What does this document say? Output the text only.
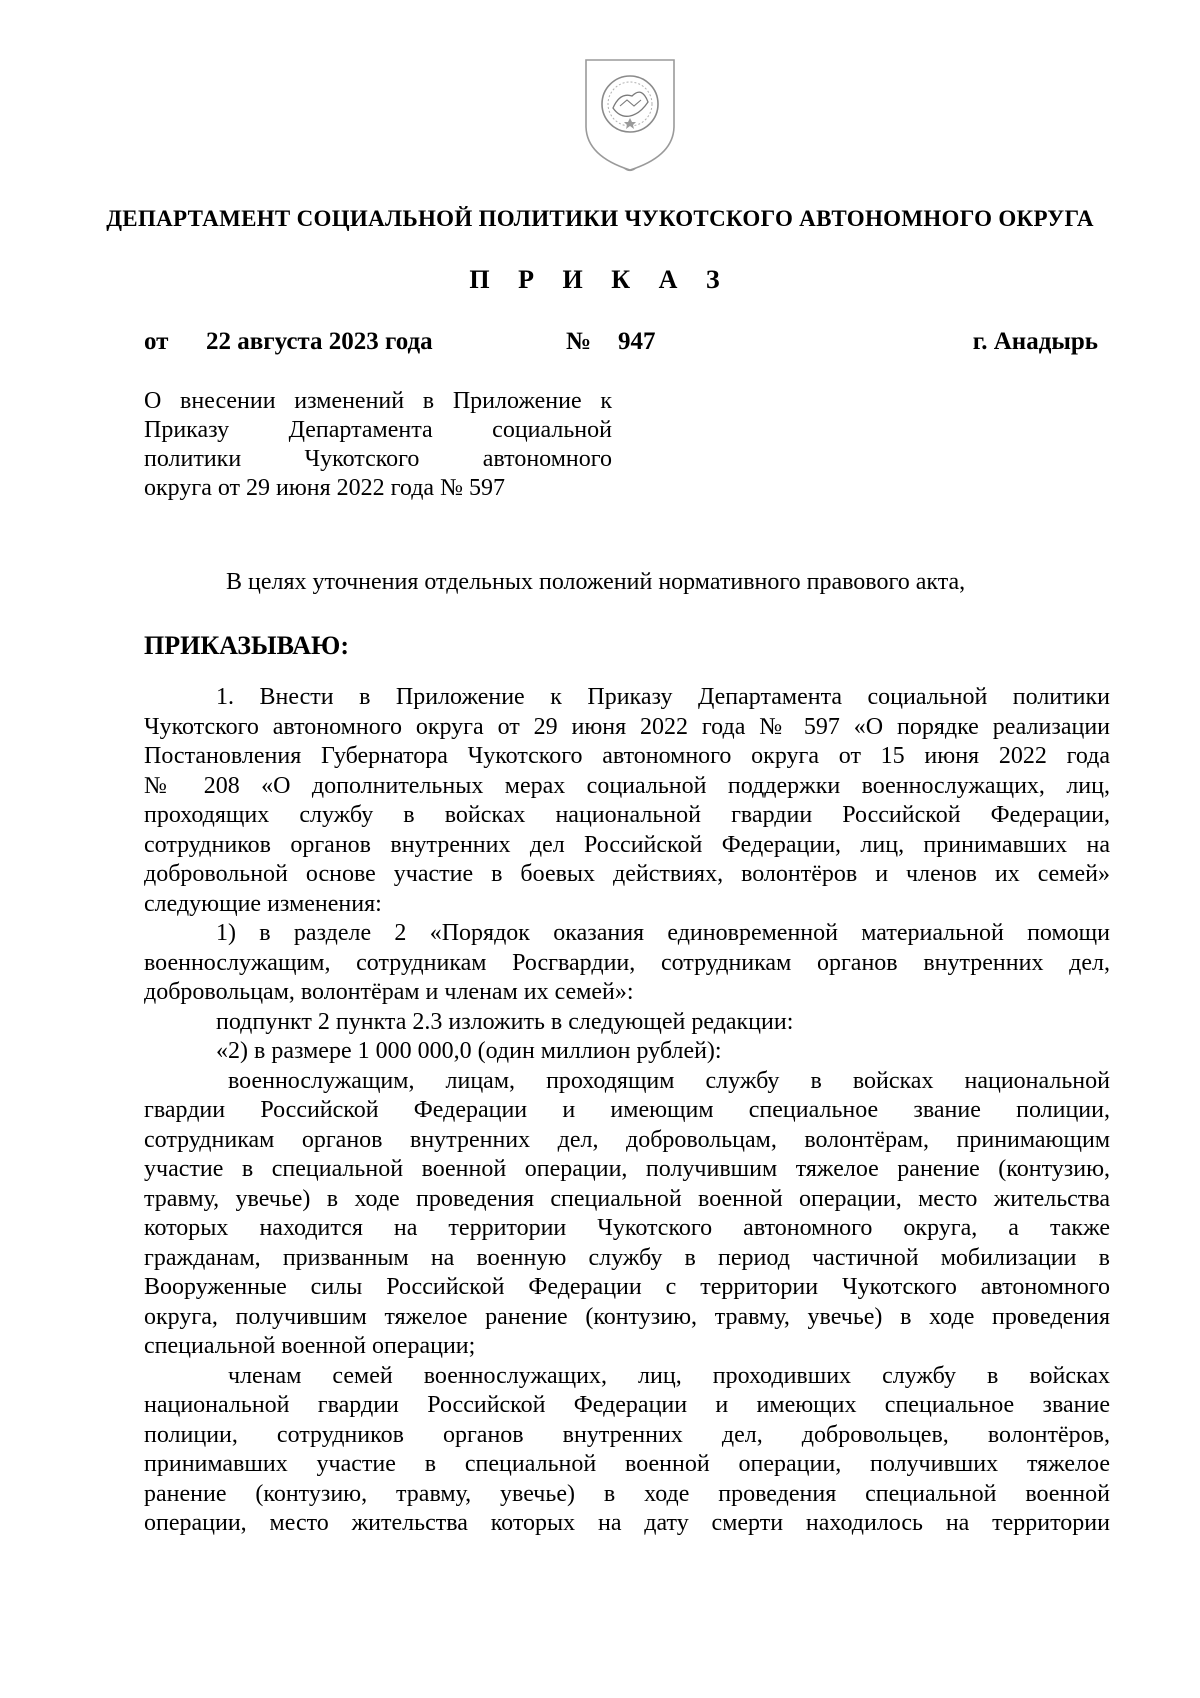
ДЕПАРТАМЕНТ СОЦИАЛЬНОЙ ПОЛИТИКИ ЧУКОТСКОГО АВТОНОМНОГО ОКРУГА
П Р И К А З
от 22 августа 2023 года	№ 947	г. Анадырь
О внесении изменений в Приложение к
Приказу Департамента социальной
политики Чукотского автономного
округа от 29 июня 2022 года № 597
В целях уточнения отдельных положений нормативного правового акта,
ПРИКАЗЫВАЮ:
1. Внести в Приложение к Приказу Департамента социальной политики
Чукотского автономного округа от 29 июня 2022 года № 597 «О порядке реализации
Постановления Губернатора Чукотского автономного округа от 15 июня 2022 года
№ 208 «О дополнительных мерах социальной поддержки военнослужащих, лиц,
проходящих службу в войсках национальной гвардии Российской Федерации,
сотрудников органов внутренних дел Российской Федерации, лиц, принимавших на
добровольной основе участие в боевых действиях, волонтёров и членов их семей»
следующие изменения:
1) в разделе 2 «Порядок оказания единовременной материальной помощи
военнослужащим, сотрудникам Росгвардии, сотрудникам органов внутренних дел,
добровольцам, волонтёрам и членам их семей»:
подпункт 2 пункта 2.3 изложить в следующей редакции:
«2) в размере 1 000 000,0 (один миллион рублей):
военнослужащим, лицам, проходящим службу в войсках национальной
гвардии Российской Федерации и имеющим специальное звание полиции,
сотрудникам органов внутренних дел, добровольцам, волонтёрам, принимающим
участие в специальной военной операции, получившим тяжелое ранение (контузию,
травму, увечье) в ходе проведения специальной военной операции, место жительства
которых находится на территории Чукотского автономного округа, а также
гражданам, призванным на военную службу в период частичной мобилизации в
Вооруженные силы Российской Федерации с территории Чукотского автономного
округа, получившим тяжелое ранение (контузию, травму, увечье) в ходе проведения
специальной военной операции;
членам семей военнослужащих, лиц, проходивших службу в войсках
национальной гвардии Российской Федерации и имеющих специальное звание
полиции, сотрудников органов внутренних дел, добровольцев, волонтёров,
принимавших участие в специальной военной операции, получивших тяжелое
ранение (контузию, травму, увечье) в ходе проведения специальной военной
операции, место жительства которых на дату смерти находилось на территории
